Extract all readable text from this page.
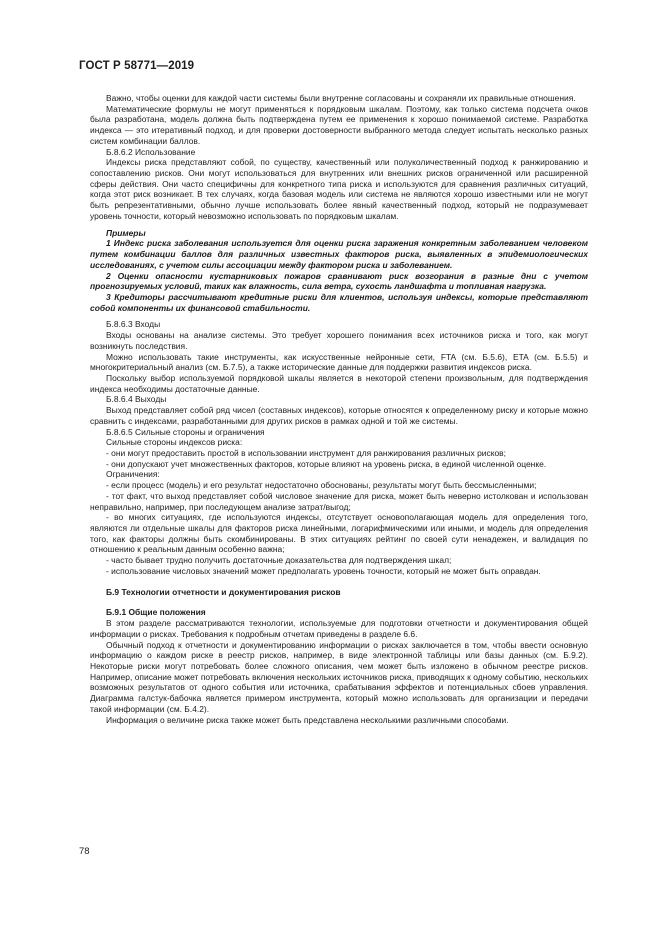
ГОСТ Р 58771—2019

Важно, чтобы оценки для каждой части системы были внутренне согласованы и сохраняли их правильные отношения.

Математические формулы не могут применяться к порядковым шкалам. Поэтому, как только система подсчета очков была разработана, модель должна быть подтверждена путем ее применения к хорошо понимаемой системе. Разработка индекса — это итеративный подход, и для проверки достоверности выбранного метода следует испытать несколько разных систем комбинации баллов.

Б.8.6.2 Использование

Индексы риска представляют собой, по существу, качественный или полуколичественный подход к ранжированию и сопоставлению рисков. Они могут использоваться для внутренних или внешних рисков ограниченной или расширенной сферы действия. Они часто специфичны для конкретного типа риска и используются для сравнения различных ситуаций, когда этот риск возникает. В тех случаях, когда базовая модель или система не являются хорошо известными или не могут быть репрезентативными, обычно лучше использовать более явный качественный подход, который не подразумевает уровень точности, который невозможно использовать по порядковым шкалам.

Примеры

1 Индекс риска заболевания используется для оценки риска заражения конкретным заболеванием человеком путем комбинации баллов для различных известных факторов риска, выявленных в эпидемиологических исследованиях, с учетом силы ассоциации между фактором риска и заболеванием.

2 Оценки опасности кустарниковых пожаров сравнивают риск возгорания в разные дни с учетом прогнозируемых условий, таких как влажность, сила ветра, сухость ландшафта и топливная нагрузка.

3 Кредиторы рассчитывают кредитные риски для клиентов, используя индексы, которые представляют собой компоненты их финансовой стабильности.

Б.8.6.3 Входы

Входы основаны на анализе системы. Это требует хорошего понимания всех источников риска и того, как могут возникнуть последствия.

Можно использовать такие инструменты, как искусственные нейронные сети, FTA (см. Б.5.6), ETA (см. Б.5.5) и многокритериальный анализ (см. Б.7.5), а также исторические данные для поддержки развития индексов риска.

Поскольку выбор используемой порядковой шкалы является в некоторой степени произвольным, для подтверждения индекса необходимы достаточные данные.

Б.8.6.4 Выходы

Выход представляет собой ряд чисел (составных индексов), которые относятся к определенному риску и которые можно сравнить с индексами, разработанными для других рисков в рамках одной и той же системы.

Б.8.6.5 Сильные стороны и ограничения

Сильные стороны индексов риска:

- они могут предоставить простой в использовании инструмент для ранжирования различных рисков;

- они допускают учет множественных факторов, которые влияют на уровень риска, в единой численной оценке.

Ограничения:

- если процесс (модель) и его результат недостаточно обоснованы, результаты могут быть бессмысленными;

- тот факт, что выход представляет собой числовое значение для риска, может быть неверно истолкован и использован неправильно, например, при последующем анализе затрат/выгод;

- во многих ситуациях, где используются индексы, отсутствует основополагающая модель для определения того, являются ли отдельные шкалы для факторов риска линейными, логарифмическими или иными, и модель для определения того, как факторы должны быть скомбинированы. В этих ситуациях рейтинг по своей сути ненадежен, и валидация по отношению к реальным данным особенно важна;

- часто бывает трудно получить достаточные доказательства для подтверждения шкал;

- использование числовых значений может предполагать уровень точности, который не может быть оправдан.

Б.9 Технологии отчетности и документирования рисков

Б.9.1 Общие положения

В этом разделе рассматриваются технологии, используемые для подготовки отчетности и документирования общей информации о рисках. Требования к подробным отчетам приведены в разделе 6.6.

Обычный подход к отчетности и документированию информации о рисках заключается в том, чтобы ввести основную информацию о каждом риске в реестр рисков, например, в виде электронной таблицы или базы данных (см. Б.9.2). Некоторые риски могут потребовать более сложного описания, чем может быть изложено в обычном реестре рисков. Например, описание может потребовать включения нескольких источников риска, приводящих к одному событию, нескольких возможных результатов от одного события или источника, срабатывания эффектов и потенциальных сбоев управления. Диаграмма галстук-бабочка является примером инструмента, который можно использовать для организации и передачи такой информации (см. Б.4.2).

Информация о величине риска также может быть представлена несколькими различными способами.

78
